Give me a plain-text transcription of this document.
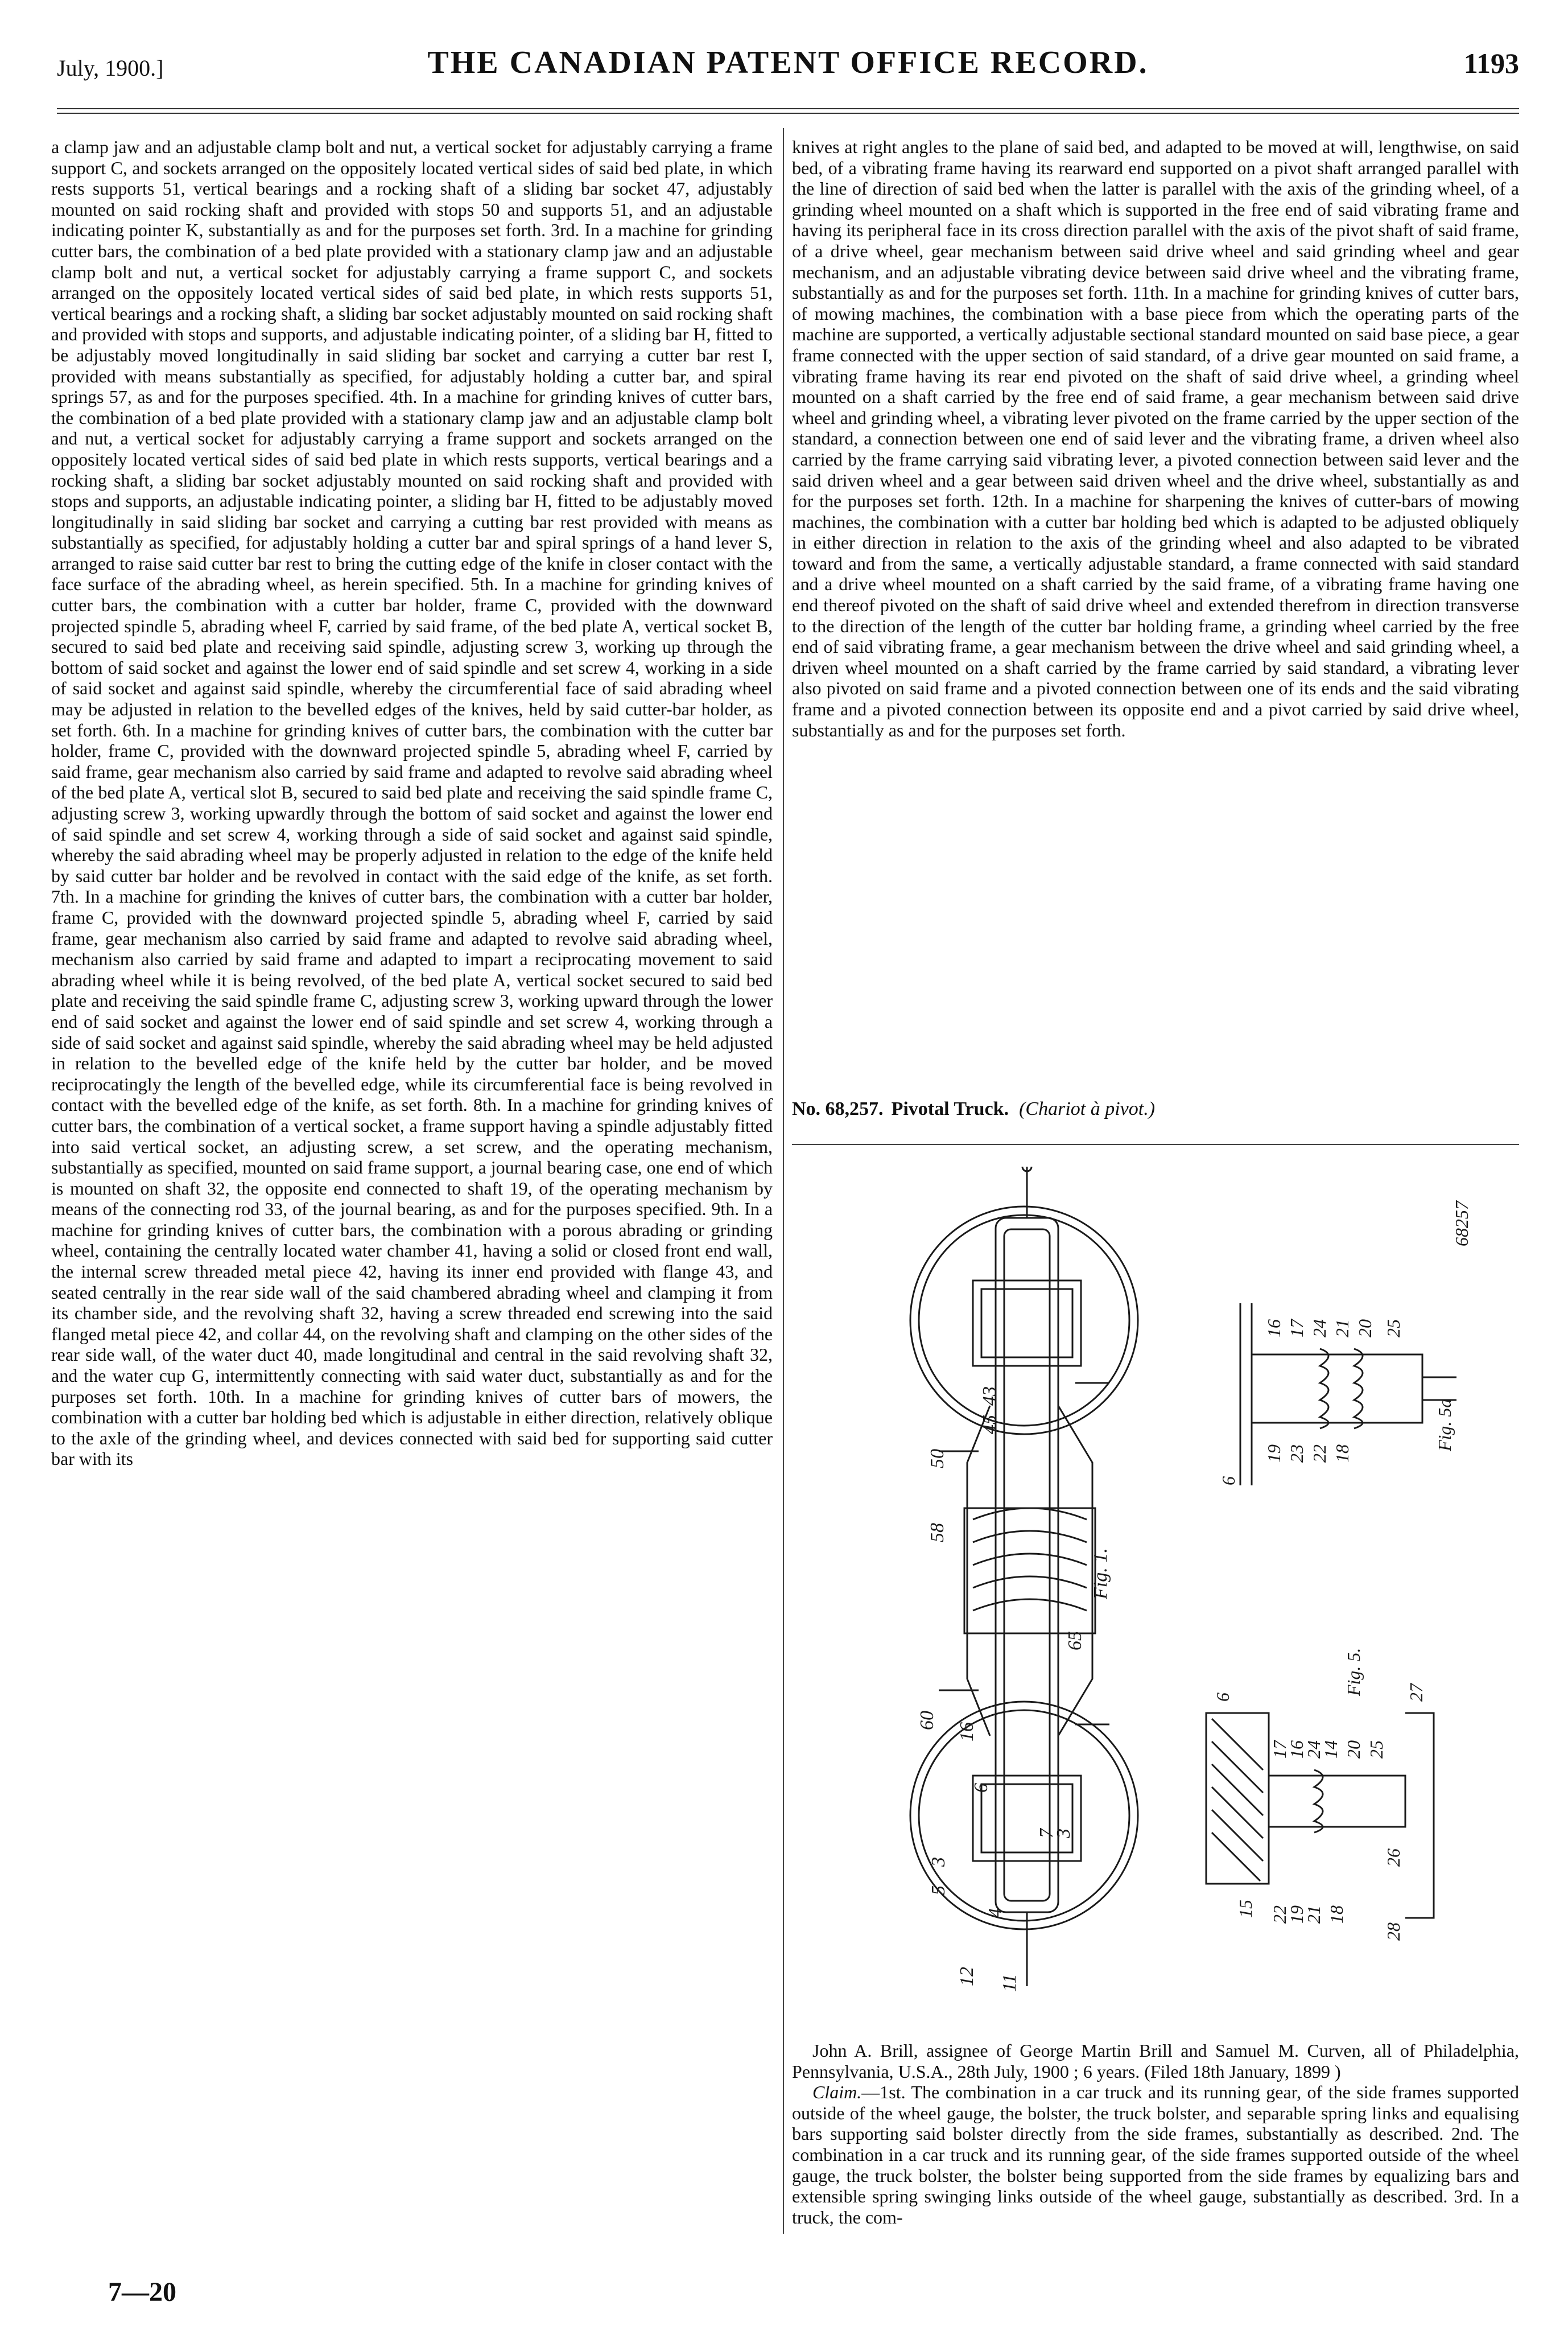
July, 1900.]	THE CANADIAN PATENT OFFICE RECORD.	1193

a clamp jaw and an adjustable clamp bolt and nut, a vertical socket for adjustably carrying a frame support C, and sockets arranged on the oppositely located vertical sides of said bed plate, in which rests supports 51, vertical bearings and a rocking shaft of a sliding bar socket 47, adjustably mounted on said rocking shaft and provided with stops 50 and supports 51, and an adjustable indicating pointer K, substantially as and for the purposes set forth. 3rd. In a machine for grinding cutter bars, the combination of a bed plate provided with a stationary clamp jaw and an adjustable clamp bolt and nut, a vertical socket for adjustably carrying a frame support C, and sockets arranged on the oppositely located vertical sides of said bed plate, in which rests supports 51, vertical bearings and a rocking shaft, a sliding bar socket adjustably mounted on said rocking shaft and provided with stops and supports, and adjustable indicating pointer, of a sliding bar H, fitted to be adjustably moved longitudinally in said sliding bar socket and carrying a cutter bar rest I, provided with means substantially as specified, for adjustably holding a cutter bar, and spiral springs 57, as and for the purposes specified. 4th. In a machine for grinding knives of cutter bars, the combination of a bed plate provided with a stationary clamp jaw and an adjustable clamp bolt and nut, a vertical socket for adjustably carrying a frame support and sockets arranged on the oppositely located vertical sides of said bed plate in which rests supports, vertical bearings and a rocking shaft, a sliding bar socket adjustably mounted on said rocking shaft and provided with stops and supports, an adjustable indicating pointer, a sliding bar H, fitted to be adjustably moved longitudinally in said sliding bar socket and carrying a cutting bar rest provided with means as substantially as specified, for adjustably holding a cutter bar and spiral springs of a hand lever S, arranged to raise said cutter bar rest to bring the cutting edge of the knife in closer contact with the face surface of the abrading wheel, as herein specified. 5th. In a machine for grinding knives of cutter bars, the combination with a cutter bar holder, frame C, provided with the downward projected spindle 5, abrading wheel F, carried by said frame, of the bed plate A, vertical socket B, secured to said bed plate and receiving said spindle, adjusting screw 3, working up through the bottom of said socket and against the lower end of said spindle and set screw 4, working in a side of said socket and against said spindle, whereby the circumferential face of said abrading wheel may be adjusted in relation to the bevelled edges of the knives, held by said cutter-bar holder, as set forth. 6th. In a machine for grinding knives of cutter bars, the combination with the cutter bar holder, frame C, provided with the downward projected spindle 5, abrading wheel F, carried by said frame, gear mechanism also carried by said frame and adapted to revolve said abrading wheel of the bed plate A, vertical slot B, secured to said bed plate and receiving the said spindle frame C, adjusting screw 3, working upwardly through the bottom of said socket and against the lower end of said spindle and set screw 4, working through a side of said socket and against said spindle, whereby the said abrading wheel may be properly adjusted in relation to the edge of the knife held by said cutter bar holder and be revolved in contact with the said edge of the knife, as set forth. 7th. In a machine for grinding the knives of cutter bars, the combination with a cutter bar holder, frame C, provided with the downward projected spindle 5, abrading wheel F, carried by said frame, gear mechanism also carried by said frame and adapted to revolve said abrading wheel, mechanism also carried by said frame and adapted to impart a reciprocating movement to said abrading wheel while it is being revolved, of the bed plate A, vertical socket secured to said bed plate and receiving the said spindle frame C, adjusting screw 3, working upward through the lower end of said socket and against the lower end of said spindle and set screw 4, working through a side of said socket and against said spindle, whereby the said abrading wheel may be held adjusted in relation to the bevelled edge of the knife held by the cutter bar holder, and be moved reciprocatingly the length of the bevelled edge, while its circumferential face is being revolved in contact with the bevelled edge of the knife, as set forth. 8th. In a machine for grinding knives of cutter bars, the combination of a vertical socket, a frame support having a spindle adjustably fitted into said vertical socket, an adjusting screw, a set screw, and the operating mechanism, substantially as specified, mounted on said frame support, a journal bearing case, one end of which is mounted on shaft 32, the opposite end connected to shaft 19, of the operating mechanism by means of the connecting rod 33, of the journal bearing, as and for the purposes specified. 9th. In a machine for grinding knives of cutter bars, the combination with a porous abrading or grinding wheel, containing the centrally located water chamber 41, having a solid or closed front end wall, the internal screw threaded metal piece 42, having its inner end provided with flange 43, and seated centrally in the rear side wall of the said chambered abrading wheel and clamping it from its chamber side, and the revolving shaft 32, having a screw threaded end screwing into the said flanged metal piece 42, and collar 44, on the revolving shaft and clamping on the other sides of the rear side wall, of the water duct 40, made longitudinal and central in the said revolving shaft 32, and the water cup G, intermittently connecting with said water duct, substantially as and for the purposes set forth. 10th. In a machine for grinding knives of cutter bars of mowers, the combination with a cutter bar holding bed which is adjustable in either direction, relatively oblique to the axle of the grinding wheel, and devices connected with said bed for supporting said cutter bar with its

knives at right angles to the plane of said bed, and adapted to be moved at will, lengthwise, on said bed, of a vibrating frame having its rearward end supported on a pivot shaft arranged parallel with the line of direction of said bed when the latter is parallel with the axis of the grinding wheel, of a grinding wheel mounted on a shaft which is supported in the free end of said vibrating frame and having its peripheral face in its cross direction parallel with the axis of the pivot shaft of said frame, of a drive wheel, gear mechanism between said drive wheel and said grinding wheel and gear mechanism, and an adjustable vibrating device between said drive wheel and the vibrating frame, substantially as and for the purposes set forth. 11th. In a machine for grinding knives of cutter bars, of mowing machines, the combination with a base piece from which the operating parts of the machine are supported, a vertically adjustable sectional standard mounted on said base piece, a gear frame connected with the upper section of said standard, of a drive gear mounted on said frame, a vibrating frame having its rear end pivoted on the shaft of said drive wheel, a grinding wheel mounted on a shaft carried by the free end of said frame, a gear mechanism between said drive wheel and grinding wheel, a vibrating lever pivoted on the frame carried by the upper section of the standard, a connection between one end of said lever and the vibrating frame, a driven wheel also carried by the frame carrying said vibrating lever, a pivoted connection between said lever and the said driven wheel and a gear between said driven wheel and the drive wheel, substantially as and for the purposes set forth. 12th. In a machine for sharpening the knives of cutter-bars of mowing machines, the combination with a cutter bar holding bed which is adapted to be adjusted obliquely in either direction in relation to the axis of the grinding wheel and also adapted to be vibrated toward and from the same, a vertically adjustable standard, a frame connected with said standard and a drive wheel mounted on a shaft carried by the said frame, of a vibrating frame having one end thereof pivoted on the shaft of said drive wheel and extended therefrom in direction transverse to the direction of the length of the cutter bar holding frame, a grinding wheel carried by the free end of said vibrating frame, a gear mechanism between the drive wheel and said grinding wheel, a driven wheel mounted on a shaft carried by the frame carried by said standard, a vibrating lever also pivoted on said frame and a pivoted connection between one of its ends and the said vibrating frame and a pivoted connection between its opposite end and a pivot carried by said drive wheel, substantially as and for the purposes set forth.

No. 68,257. Pivotal Truck. (Chariot à pivot.)
Fig. 1.
58
50
45
43
65
60
16
6
3
7
3
5
4
12 11
68257
Fig. 5a
16 17 24 21 20 25
19 23 22 18
6
Fig. 5.
6
17
16
24
14 20 25
27
15 22
19
21 18
26
28

John A. Brill, assignee of George Martin Brill and Samuel M. Curven, all of Philadelphia, Pennsylvania, U.S.A., 28th July, 1900 ; 6 years. (Filed 18th January, 1899 )

Claim.—1st. The combination in a car truck and its running gear, of the side frames supported outside of the wheel gauge, the bolster, the truck bolster, and separable spring links and equalising bars supporting said bolster directly from the side frames, substantially as described. 2nd. The combination in a car truck and its running gear, of the side frames supported outside of the wheel gauge, the truck bolster, the bolster being supported from the side frames by equalizing bars and extensible spring swinging links outside of the wheel gauge, substantially as described. 3rd. In a truck, the com-

7—20
